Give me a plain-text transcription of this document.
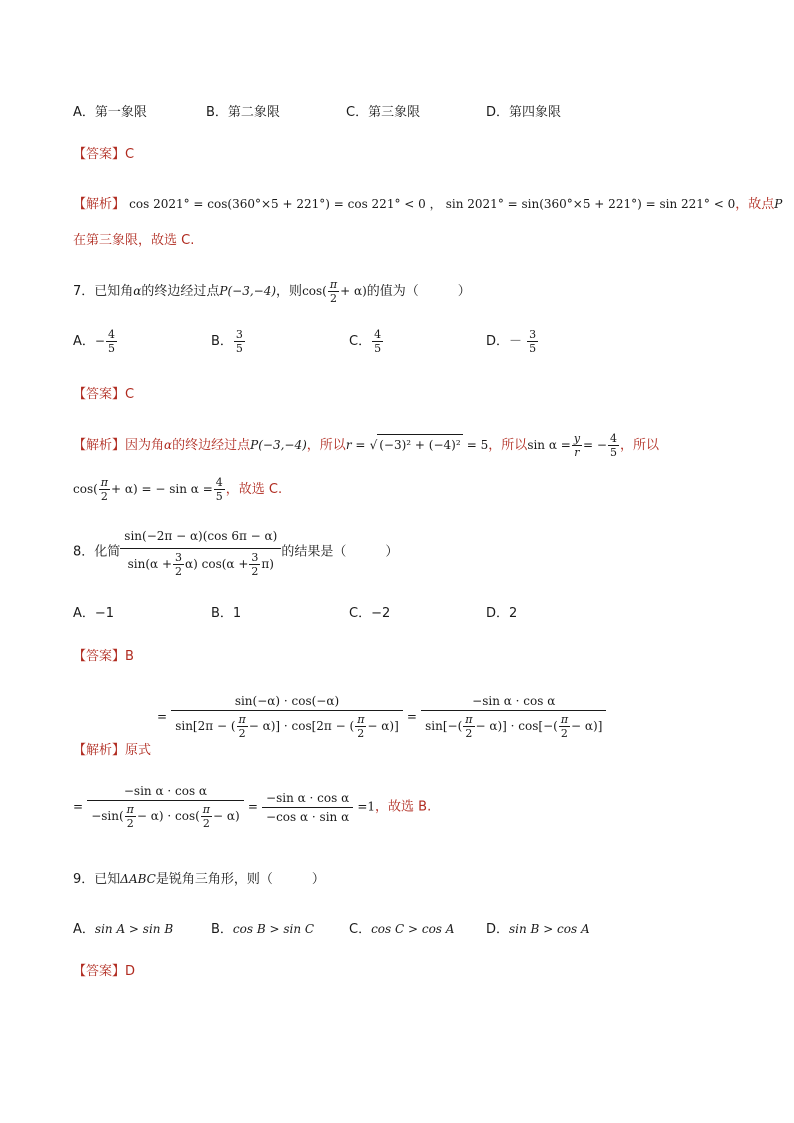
A．第一象限	B．第二象限	C．第三象限	D．第四象限
【答案】C
【解析】 cos 2021° = cos(360°×5 + 221°) = cos 221° < 0 ， sin 2021° = sin(360°×5 + 221°) = sin 221° < 0，故点P
在第三象限，故选 C.
7．已知角α的终边经过点P(−3,−4)，则$\cos( \frac{\pi}{2} + \alpha)$的值为（　　　）
A．− $\frac{4}{5}$	B． $\frac{3}{5}$	C． $\frac{4}{5}$	D．－ $\frac{3}{5}$
【答案】C
【解析】因为角α的终边经过点P(−3,−4)，所以r = √ (−3)² + (−4)² = 5，所以$\sin \alpha = \frac{y}{r}$ = − $\frac{4}{5}$ ，所以
$\cos( \frac{\pi}{2} + \alpha)$ = − $\sin \alpha = \frac{4}{5}$ ，故选 C.
8．化简 $\frac{\sin(-2\pi - \alpha)(\cos 6\pi - \alpha)}{\sin(\alpha + \frac{3}{2} \alpha) \cos(\alpha + \frac{3}{2} \pi)}$ 的结果是（　　　）
A．−1	B．1	C．−2	D．2
【答案】B
= $\frac{\sin(-\alpha) \cdot \cos(-\alpha)}{\sin[2\pi - ( \frac{\pi}{2} - \alpha)] \cdot \cos[2\pi - ( \frac{\pi}{2} - \alpha)]} = \frac{\text{−sin α · cos α}}{\sin[-( \frac{\pi}{2} - \alpha)] \cdot \cos[-( \frac{\pi}{2} - \alpha)]}$
【解析】原式
= $\frac{\text{−sin α · cos α}}{-\sin( \frac{\pi}{2} - \alpha) \cdot \cos( \frac{\pi}{2} - \alpha)} = \frac{\text{−sin α · cos α}}{\text{−cos α · sin α}} =1$，故选 B.
9．已知ΔABC是锐角三角形，则（　　　）
A．sin A > sin B	B．cos B > sin C	C．cos C > cos A D．sin B > cos A
【答案】D
